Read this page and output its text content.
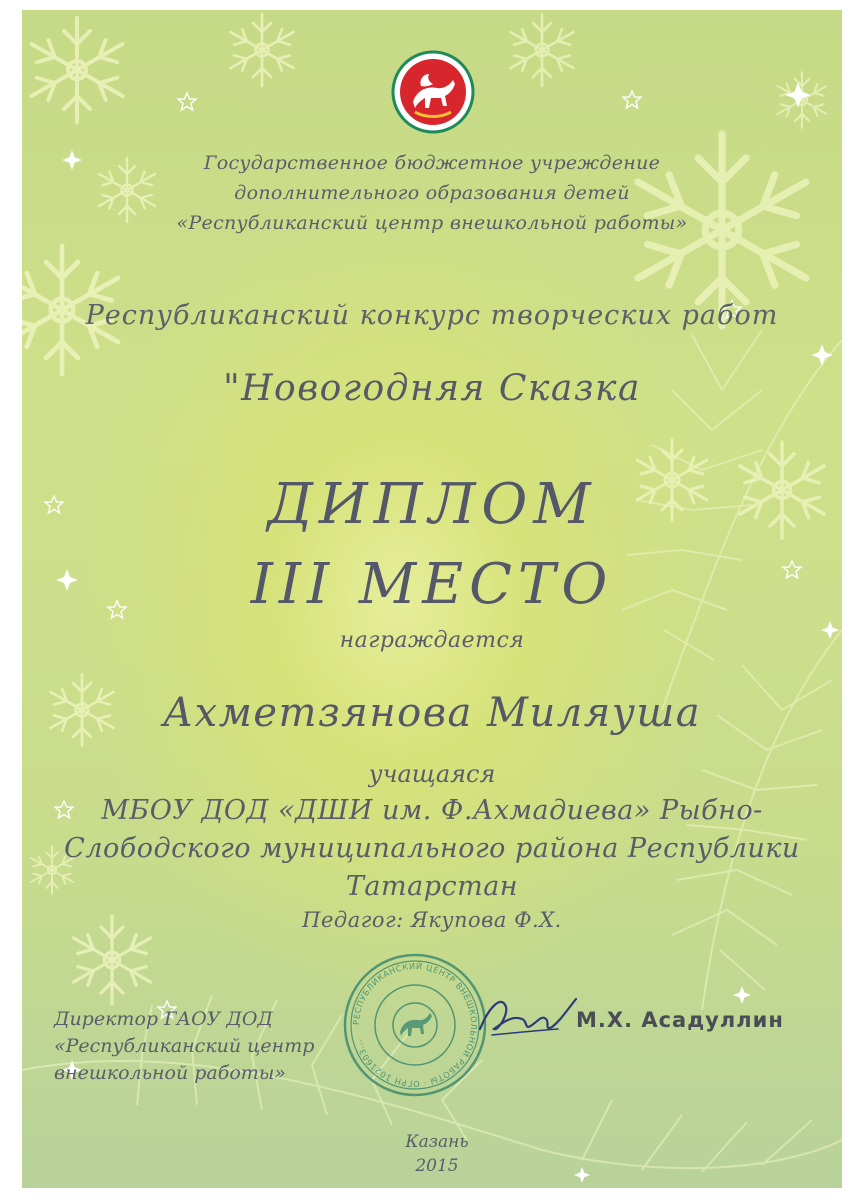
Государственное бюджетное учреждение
дополнительного образования детей
«Республиканский центр внешкольной работы»
Республиканский конкурс творческих работ
"Новогодняя Сказка
ДИПЛОМ
III МЕСТО
награждается
Ахметзянова Миляуша
учащаяся
МБОУ ДОД «ДШИ им. Ф.Ахмадиева» Рыбно-
Слободского муниципального района Республики
Татарстан
Педагог: Якупова Ф.Х.
Директор ГАОУ ДОД
«Республиканский центр
внешкольной работы»
РЕСПУБЛИКАНСКИЙ ЦЕНТР ВНЕШКОЛЬНОЙ РАБОТЫ · ОГРН 1021603...
М.Х. Асадуллин
Казань
2015
